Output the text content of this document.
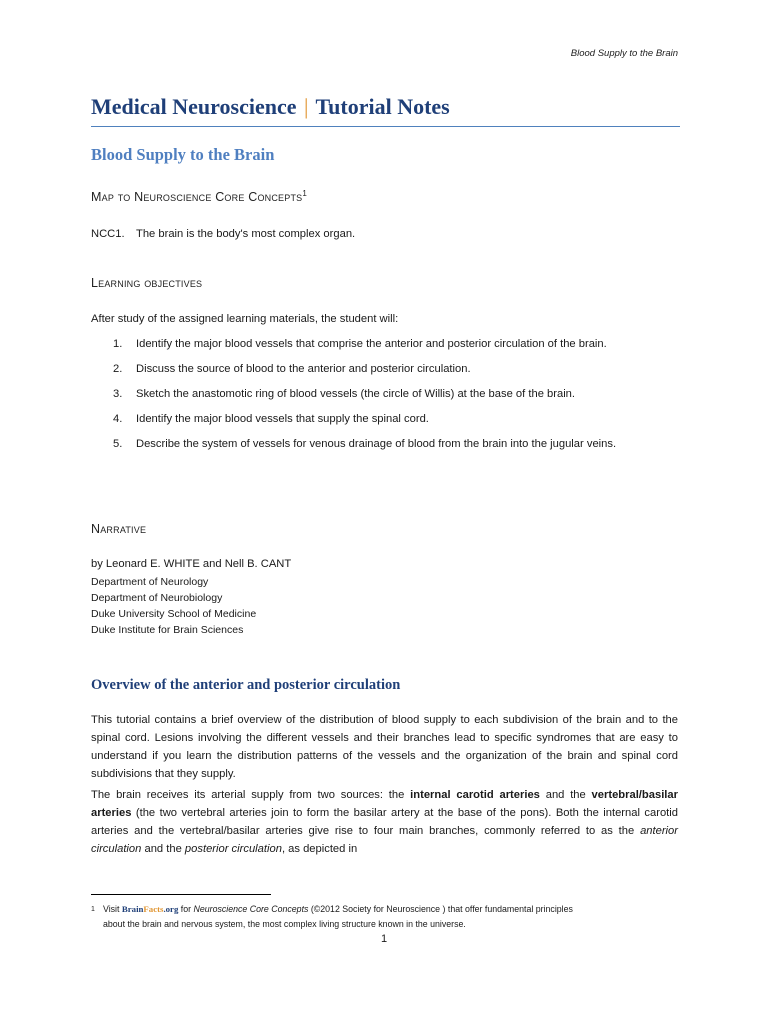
Blood Supply to the Brain
Medical Neuroscience | Tutorial Notes
Blood Supply to the Brain
Map to Neuroscience Core Concepts$^1$
NCC1. The brain is the body's most complex organ.
Learning objectives
After study of the assigned learning materials, the student will:
1. Identify the major blood vessels that comprise the anterior and posterior circulation of the brain.
2. Discuss the source of blood to the anterior and posterior circulation.
3. Sketch the anastomotic ring of blood vessels (the circle of Willis) at the base of the brain.
4. Identify the major blood vessels that supply the spinal cord.
5. Describe the system of vessels for venous drainage of blood from the brain into the jugular veins.
Narrative
by Leonard E. WHITE and Nell B. CANT
Department of Neurology
Department of Neurobiology
Duke University School of Medicine
Duke Institute for Brain Sciences
Overview of the anterior and posterior circulation
This tutorial contains a brief overview of the distribution of blood supply to each subdivision of the brain and to the spinal cord. Lesions involving the different vessels and their branches lead to specific syndromes that are easy to understand if you learn the distribution patterns of the vessels and the organization of the brain and spinal cord subdivisions that they supply.
The brain receives its arterial supply from two sources: the internal carotid arteries and the vertebral/basilar arteries (the two vertebral arteries join to form the basilar artery at the base of the pons). Both the internal carotid arteries and the vertebral/basilar arteries give rise to four main branches, commonly referred to as the anterior circulation and the posterior circulation, as depicted in
1 Visit BrainFacts.org for Neuroscience Core Concepts (©2012 Society for Neuroscience ) that offer fundamental principles
about the brain and nervous system, the most complex living structure known in the universe.
1
